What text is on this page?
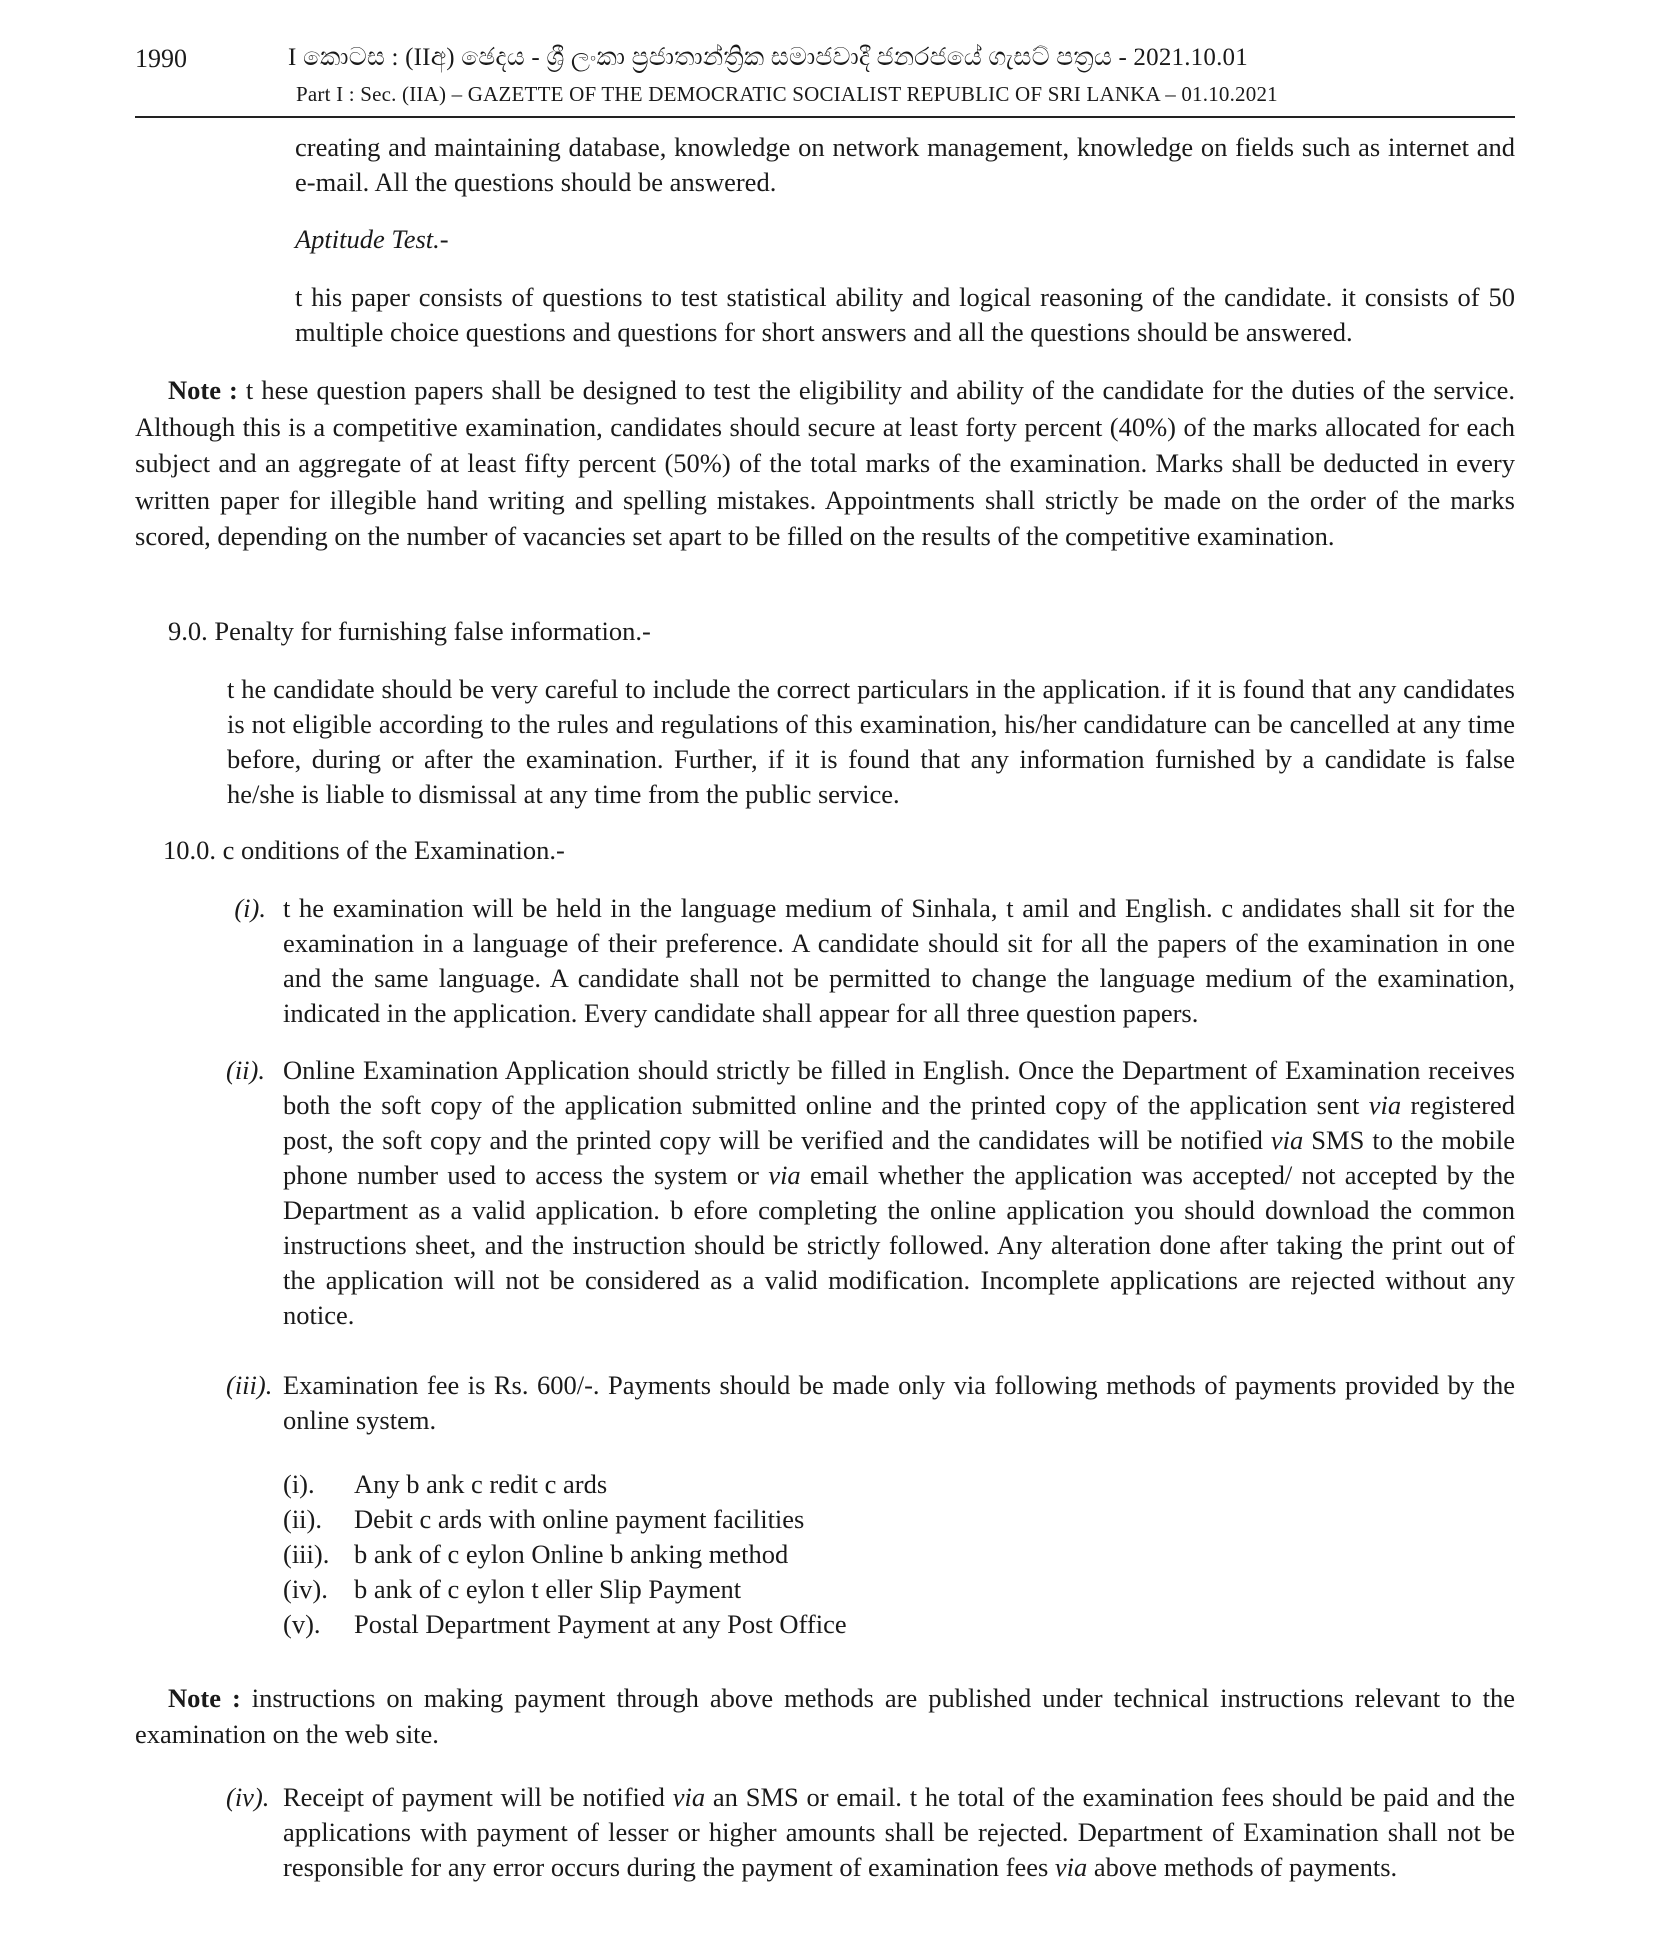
1990	I කොටස : (IIඅ) ඡෙදය - ශ්‍රී ලංකා ප්‍රජාතාන්ත්‍රික සමාජවාදී ජනරජයේ ගැසට් පත්‍රය - 2021.10.01
Part I : Sec. (IIA) – GAZETTE OF THE DEMOCRATIC SOCIALIST REPUBLIC OF SRI LANKA – 01.10.2021

creating and maintaining database, knowledge on network management, knowledge on fields such as internet and e-mail. All the questions should be answered.

Aptitude Test.-

t his paper consists of questions to test statistical ability and logical reasoning of the candidate. it consists of 50 multiple choice questions and questions for short answers and all the questions should be answered.

Note : t hese question papers shall be designed to test the eligibility and ability of the candidate for the duties of the service. Although this is a competitive examination, candidates should secure at least forty percent (40%) of the marks allocated for each subject and an aggregate of at least fifty percent (50%) of the total marks of the examination. Marks shall be deducted in every written paper for illegible hand writing and spelling mistakes. Appointments shall strictly be made on the order of the marks scored, depending on the number of vacancies set apart to be filled on the results of the competitive examination.

9.0. Penalty for furnishing false information.-

t he candidate should be very careful to include the correct particulars in the application. if it is found that any candidates is not eligible according to the rules and regulations of this examination, his/her candidature can be cancelled at any time before, during or after the examination. Further, if it is found that any information furnished by a candidate is false he/she is liable to dismissal at any time from the public service.

10.0. c onditions of the Examination.-

(i). t he examination will be held in the language medium of Sinhala, t amil and English. c andidates shall sit for the examination in a language of their preference. A candidate should sit for all the papers of the examination in one and the same language. A candidate shall not be permitted to change the language medium of the examination, indicated in the application. Every candidate shall appear for all three question papers.

(ii). Online Examination Application should strictly be filled in English. Once the Department of Examination receives both the soft copy of the application submitted online and the printed copy of the application sent via registered post, the soft copy and the printed copy will be verified and the candidates will be notified via SMS to the mobile phone number used to access the system or via email whether the application was accepted/ not accepted by the Department as a valid application. b efore completing the online application you should download the common instructions sheet, and the instruction should be strictly followed. Any alteration done after taking the print out of the application will not be considered as a valid modification. Incomplete applications are rejected without any notice.

(iii). Examination fee is Rs. 600/-. Payments should be made only via following methods of payments provided by the online system.

(i). Any b ank c redit c ards
(ii). Debit c ards with online payment facilities
(iii). b ank of c eylon Online b anking method
(iv). b ank of c eylon t eller Slip Payment
(v). Postal Department Payment at any Post Office

Note : instructions on making payment through above methods are published under technical instructions relevant to the examination on the web site.

(iv). Receipt of payment will be notified via an SMS or email. t he total of the examination fees should be paid and the applications with payment of lesser or higher amounts shall be rejected. Department of Examination shall not be responsible for any error occurs during the payment of examination fees via above methods of payments.
